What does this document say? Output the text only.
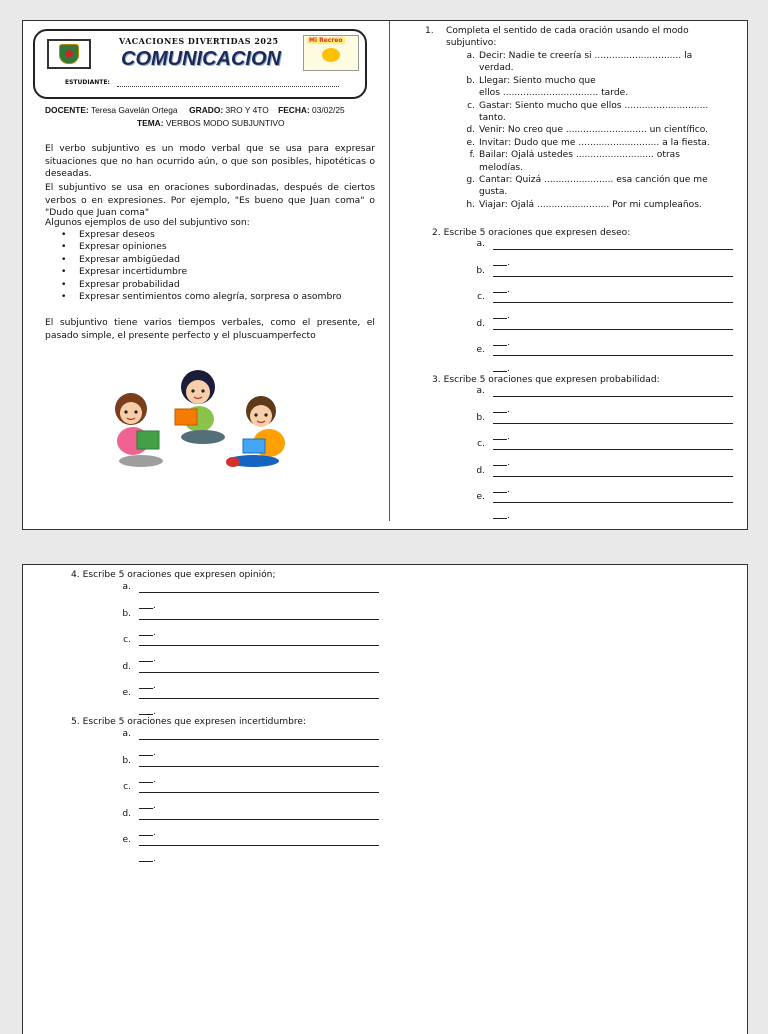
VACACIONES DIVERTIDAS 2025
COMUNICACION
Mi Recreo
ESTUDIANTE:
DOCENTE: Teresa Gavelán Ortega GRADO: 3RO Y 4TO FECHA: 03/02/25
TEMA: VERBOS MODO SUBJUNTIVO
El verbo subjuntivo es un modo verbal que se usa para expresar situaciones que no han ocurrido aún, o que son posibles, hipotéticas o deseadas.
El subjuntivo se usa en oraciones subordinadas, después de ciertos verbos o en expresiones. Por ejemplo, "Es bueno que Juan coma" o "Dudo que Juan coma"
Algunos ejemplos de uso del subjuntivo son:
• Expresar deseos
• Expresar opiniones
• Expresar ambigüedad
• Expresar incertidumbre
• Expresar probabilidad
• Expresar sentimientos como alegría, sorpresa o asombro
El subjuntivo tiene varios tiempos verbales, como el presente, el pasado simple, el presente perfecto y el pluscuamperfecto
1. Completa el sentido de cada oración usando el modo
subjuntivo:
a. Decir: Nadie te creería si .............................. la
verdad.
b. Llegar: Siento mucho que
ellos ................................. tarde.
c. Gastar: Siento mucho que ellos .............................
tanto.
d. Venir: No creo que ............................ un científico.
e. Invitar: Dudo que me ............................ a la fiesta.
f. Bailar: Ojalá ustedes ........................... otras
melodías.
g. Cantar: Quizá ........................ esa canción que me
gusta.
h. Viajar: Ojalá ......................... Por mi cumpleaños.
2. Escribe 5 oraciones que expresen deseo:
a.
.
b.
.
c.
.
d.
.
e.
.
3. Escribe 5 oraciones que expresen probabilidad:
a.
.
b.
.
c.
.
d.
.
e.
.
4. Escribe 5 oraciones que expresen opinión;
a.
.
b.
.
c.
.
d.
.
e.
.
5. Escribe 5 oraciones que expresen incertidumbre:
a.
.
b.
.
c.
.
d.
.
e.
.
